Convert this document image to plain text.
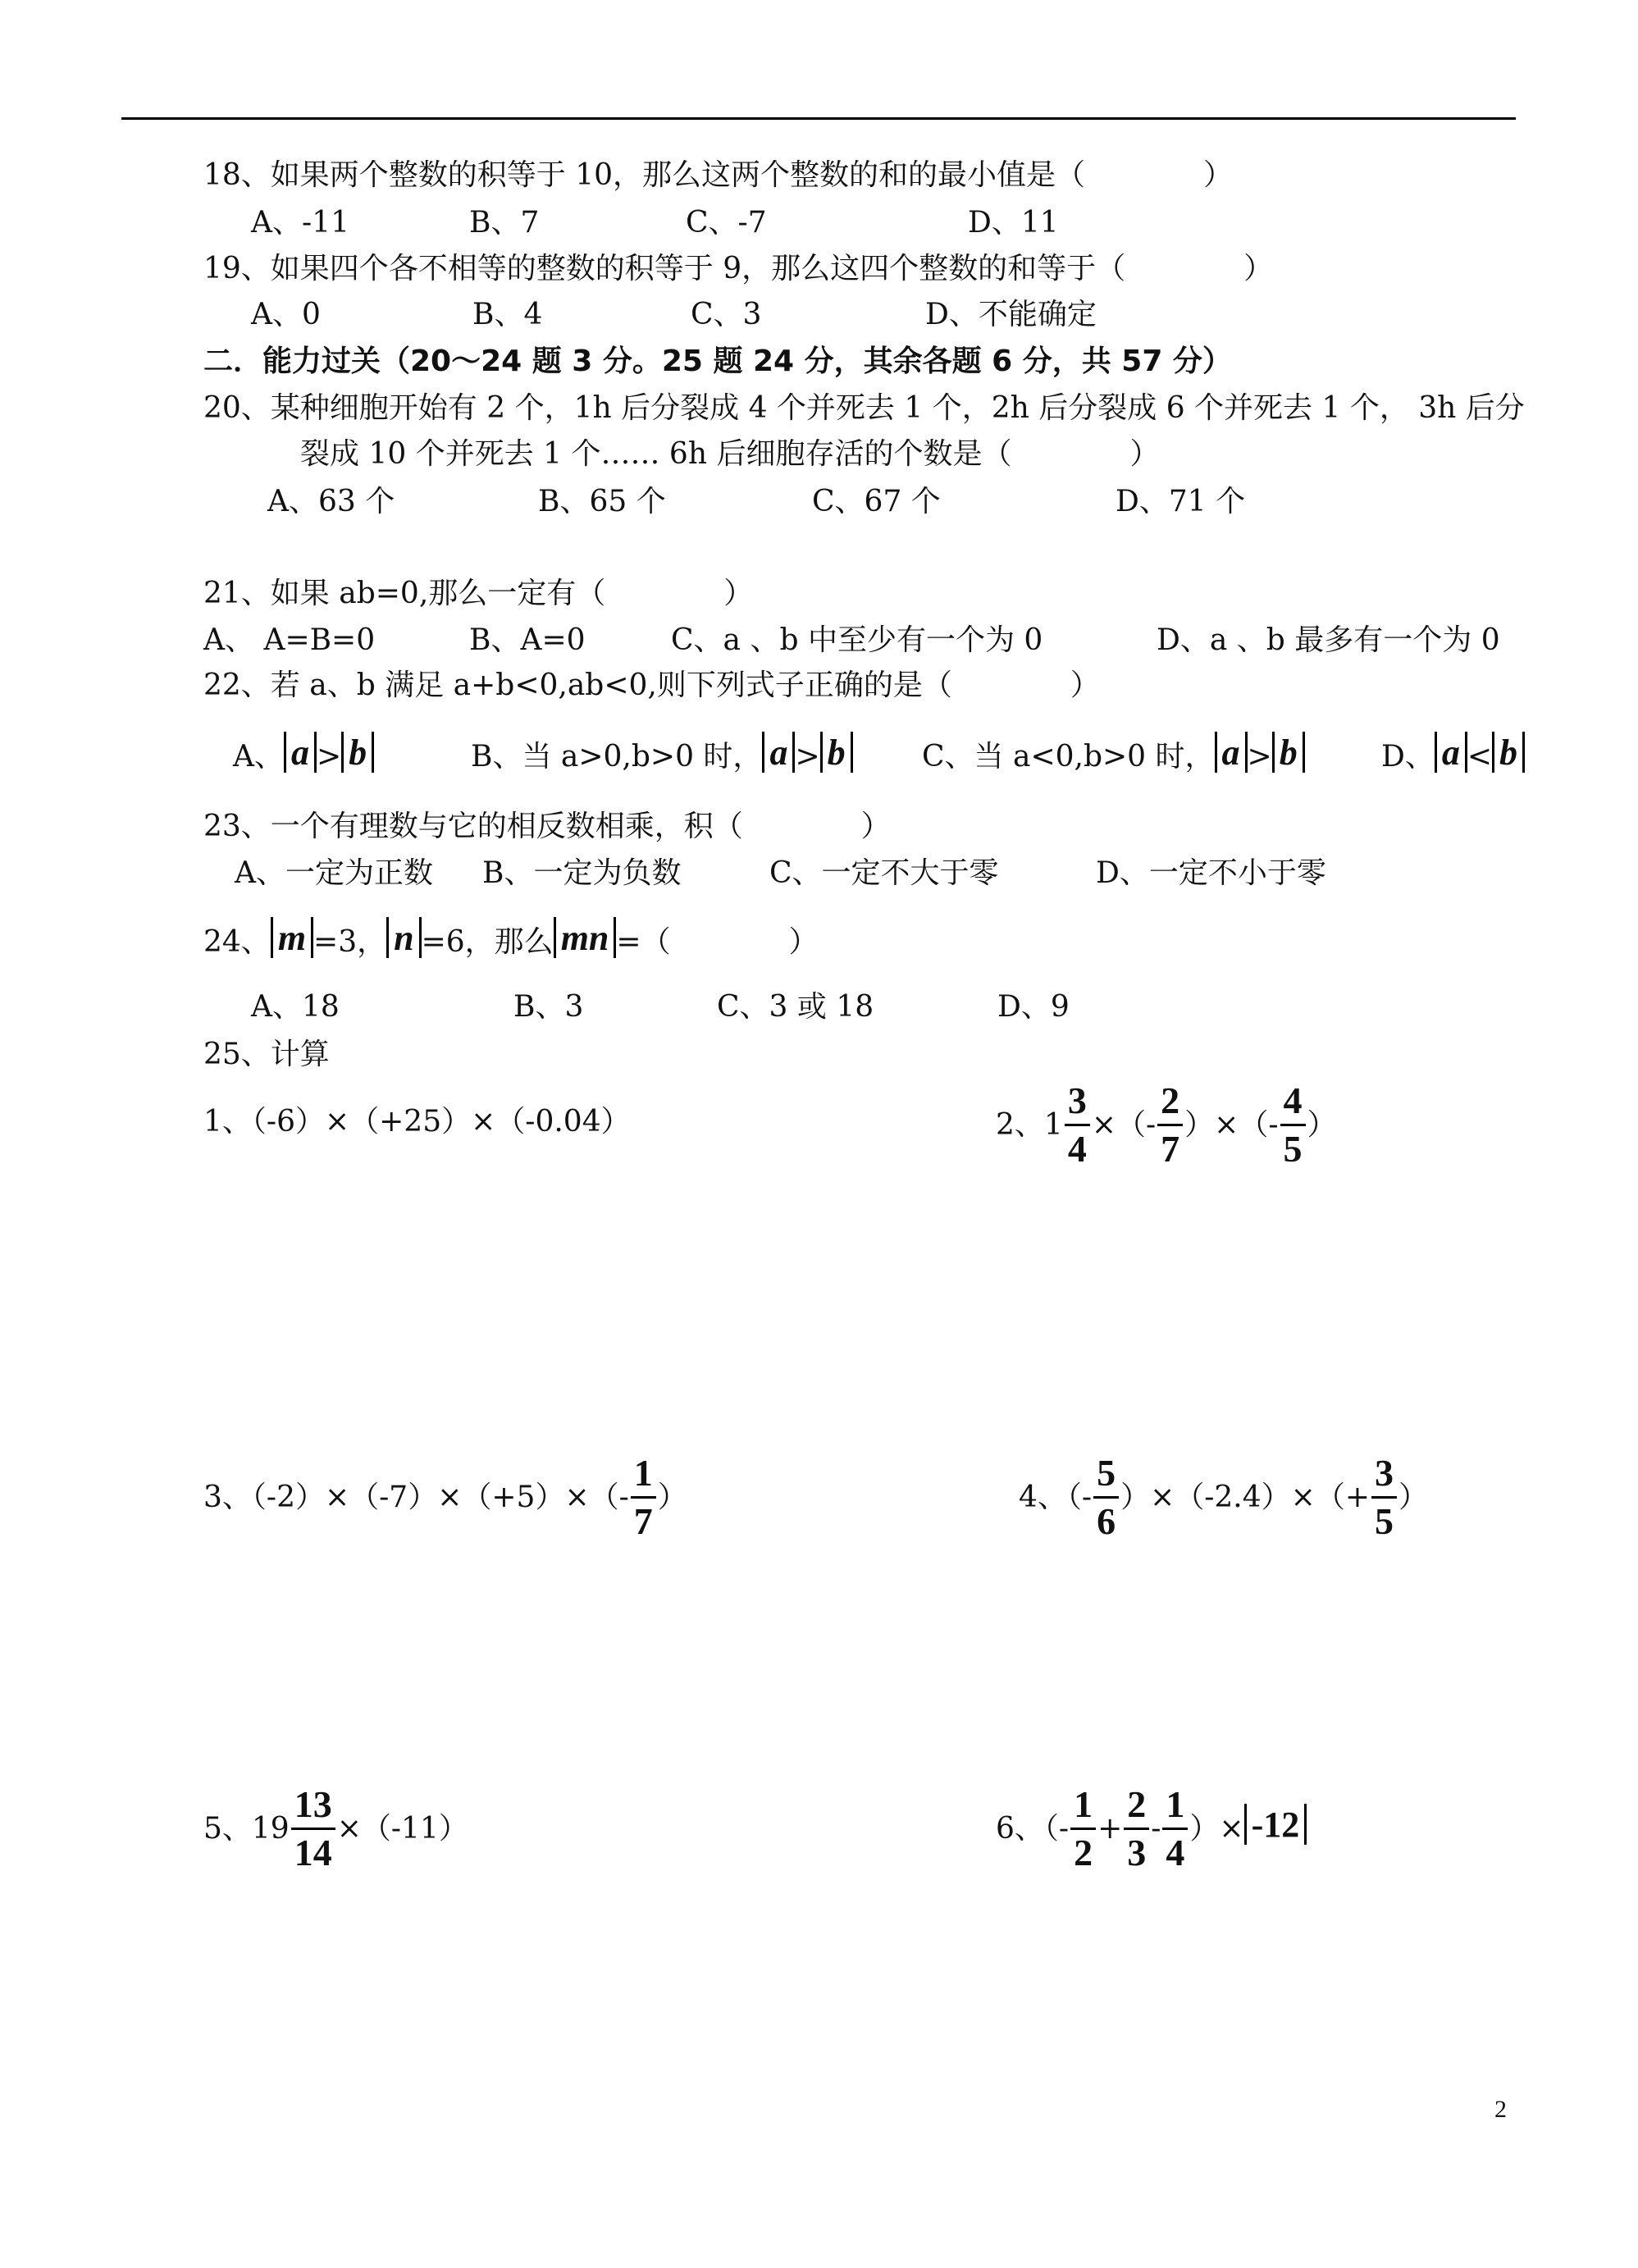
18、如果两个整数的积等于 10，那么这两个整数的和的最小值是（　　　　）
A、-11	B、7	C、-7	D、11
19、如果四个各不相等的整数的积等于 9，那么这四个整数的和等于（　　　　）
A、0	B、4	C、3	D、不能确定
二．能力过关（20～24 题 3 分。25 题 24 分，其余各题 6 分，共 57 分）
20、某种细胞开始有 2 个，1h 后分裂成 4 个并死去 1 个，2h 后分裂成 6 个并死去 1 个， 3h 后分
裂成 10 个并死去 1 个…… 6h 后细胞存活的个数是（　　　　）
A、63 个	B、65 个	C、67 个	D、71 个
21、如果 ab=0,那么一定有（　　　　）
A、 A=B=0	B、A=0	C、a 、b 中至少有一个为 0	D、a 、b 最多有一个为 0
22、若 a、b 满足 a+b<0,ab<0,则下列式子正确的是（　　　　）
A、 a > b	B、当 a>0,b>0 时， a > b	C、当 a<0,b>0 时， a > b	D、 a < b
23、一个有理数与它的相反数相乘，积（　　　　）
A、一定为正数 B、一定为负数	C、一定不大于零	D、一定不小于零
24、 m =3， n =6，那么 mn =（　　　　）
A、18	B、3	C、3 或 18	D、9
25、计算
1、（-6）×（+25）×（-0.04）	2、$1 \frac{3}{4}$ ×（- $\frac{2}{7}$ ）×（- $\frac{4}{5}$ ）
3、$(-2)\times(-7)\times(+5)\times(- \frac{1}{7}$ ）	4、（- $\frac{5}{6} )\times(-2.4)\times(+ \frac{3}{5}$ ）
5、$19 \frac{13}{14} \times(-11)$	6、（- $\frac{1}{2} + \frac{2}{3} - \frac{1}{4}$ ）× -12
2
